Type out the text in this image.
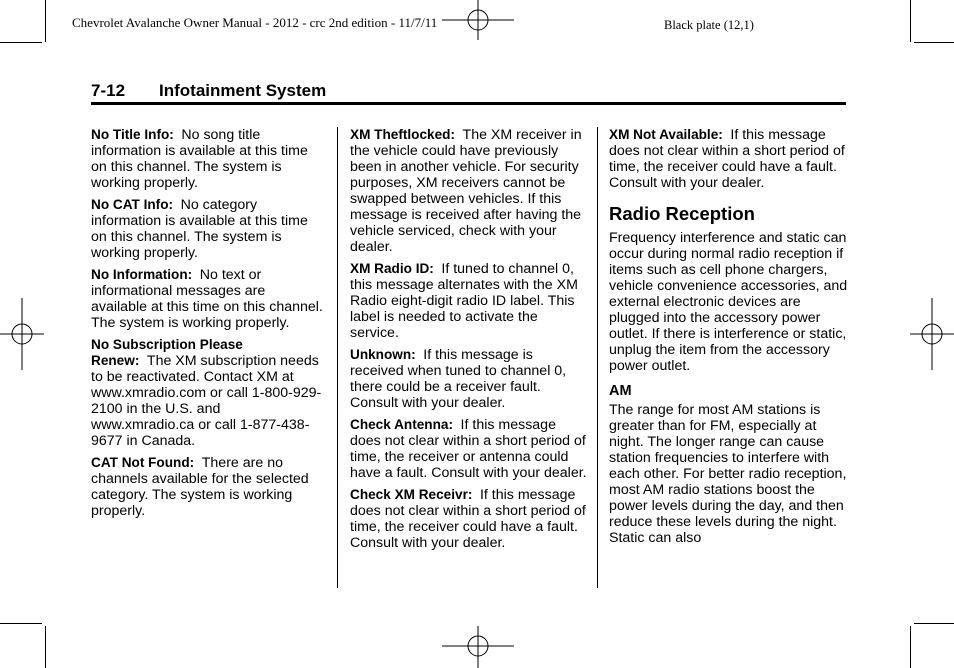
Chevrolet Avalanche Owner Manual - 2012 - crc 2nd edition - 11/7/11	Black plate (12,1)
7-12 Infotainment System

No Title Info: No song title information is available at this time on this channel. The system is working properly.

No CAT Info: No category information is available at this time on this channel. The system is working properly.

No Information: No text or informational messages are available at this time on this channel. The system is working properly.

No Subscription Please Renew: The XM subscription needs to be reactivated. Contact XM at www.xmradio.com or call 1-800-929-2100 in the U.S. and www.xmradio.ca or call 1-877-438-9677 in Canada.

CAT Not Found: There are no channels available for the selected category. The system is working properly.

XM Theftlocked: The XM receiver in the vehicle could have previously been in another vehicle. For security purposes, XM receivers cannot be swapped between vehicles. If this message is received after having the vehicle serviced, check with your dealer.

XM Radio ID: If tuned to channel 0, this message alternates with the XM Radio eight-digit radio ID label. This label is needed to activate the service.

Unknown: If this message is received when tuned to channel 0, there could be a receiver fault. Consult with your dealer.

Check Antenna: If this message does not clear within a short period of time, the receiver or antenna could have a fault. Consult with your dealer.

Check XM Receivr: If this message does not clear within a short period of time, the receiver could have a fault. Consult with your dealer.

XM Not Available: If this message does not clear within a short period of time, the receiver could have a fault. Consult with your dealer.

Radio Reception

Frequency interference and static can occur during normal radio reception if items such as cell phone chargers, vehicle convenience accessories, and external electronic devices are plugged into the accessory power outlet. If there is interference or static, unplug the item from the accessory power outlet.

AM

The range for most AM stations is greater than for FM, especially at night. The longer range can cause station frequencies to interfere with each other. For better radio reception, most AM radio stations boost the power levels during the day, and then reduce these levels during the night. Static can also
